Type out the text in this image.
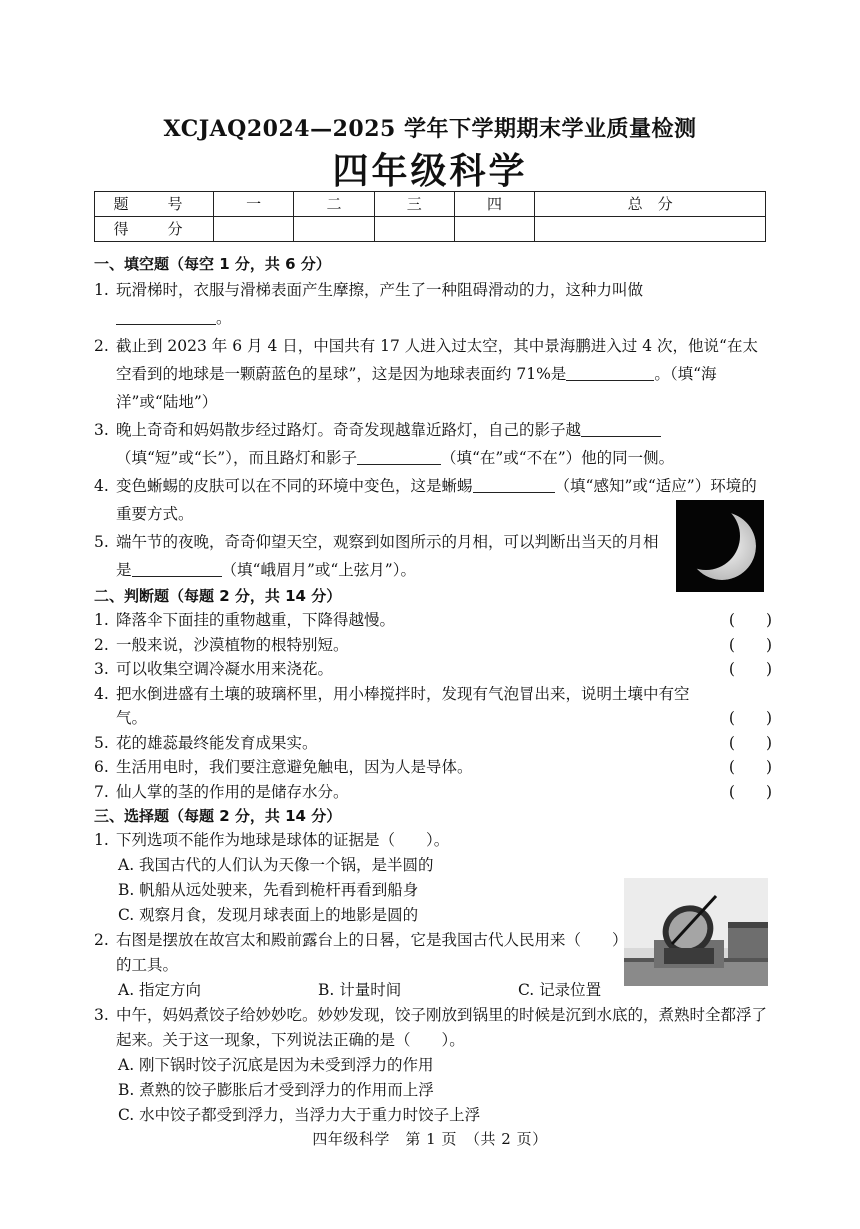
XCJAQ2024—2025 学年下学期期末学业质量检测
四年级科学
题　号	一	二	三	四	总　分
得　分					
一、填空题（每空 1 分，共 6 分）
1. 玩滑梯时，衣服与滑梯表面产生摩擦，产生了一种阻碍滑动的力，这种力叫做
。
2. 截止到 2023 年 6 月 4 日，中国共有 17 人进入过太空，其中景海鹏进入过 4 次，他说“在太空看到的地球是一颗蔚蓝色的星球”，这是因为地球表面约 71%是	。（填“海洋”或“陆地”）
3. 晚上奇奇和妈妈散步经过路灯。奇奇发现越靠近路灯，自己的影子越（填“短”或“长”），而且路灯和影子	（填“在”或“不在”）他的同一侧。
4. 变色蜥蜴的皮肤可以在不同的环境中变色，这是蜥蜴	（填“感知”或“适应”）环境的重要方式。
5. 端午节的夜晚，奇奇仰望天空，观察到如图所示的月相，可以判断出当天的月相是	（填“峨眉月”或“上弦月”）。
二、判断题（每题 2 分，共 14 分）
1. 降落伞下面挂的重物越重，下降得越慢。	(　　)
2. 一般来说，沙漠植物的根特别短。	(　　)
3. 可以收集空调冷凝水用来浇花。	(　　)
4. 把水倒进盛有土壤的玻璃杯里，用小棒搅拌时，发现有气泡冒出来，说明土壤中有空气。	(　　)
5. 花的雄蕊最终能发育成果实。	(　　)
6. 生活用电时，我们要注意避免触电，因为人是导体。	(　　)
7. 仙人掌的茎的作用的是储存水分。	(　　)
三、选择题（每题 2 分，共 14 分）
1. 下列选项不能作为地球是球体的证据是（　　）。
A. 我国古代的人们认为天像一个锅，是半圆的
B. 帆船从远处驶来，先看到桅杆再看到船身
C. 观察月食，发现月球表面上的地影是圆的
2. 右图是摆放在故宫太和殿前露台上的日晷，它是我国古代人民用来（　　）的工具。
A. 指定方向	B. 计量时间	C. 记录位置
3. 中午，妈妈煮饺子给妙妙吃。妙妙发现，饺子刚放到锅里的时候是沉到水底的，煮熟时全都浮了起来。关于这一现象，下列说法正确的是（　　）。
A. 刚下锅时饺子沉底是因为未受到浮力的作用
B. 煮熟的饺子膨胀后才受到浮力的作用而上浮
C. 水中饺子都受到浮力，当浮力大于重力时饺子上浮
四年级科学　第 1 页　（共 2 页）
